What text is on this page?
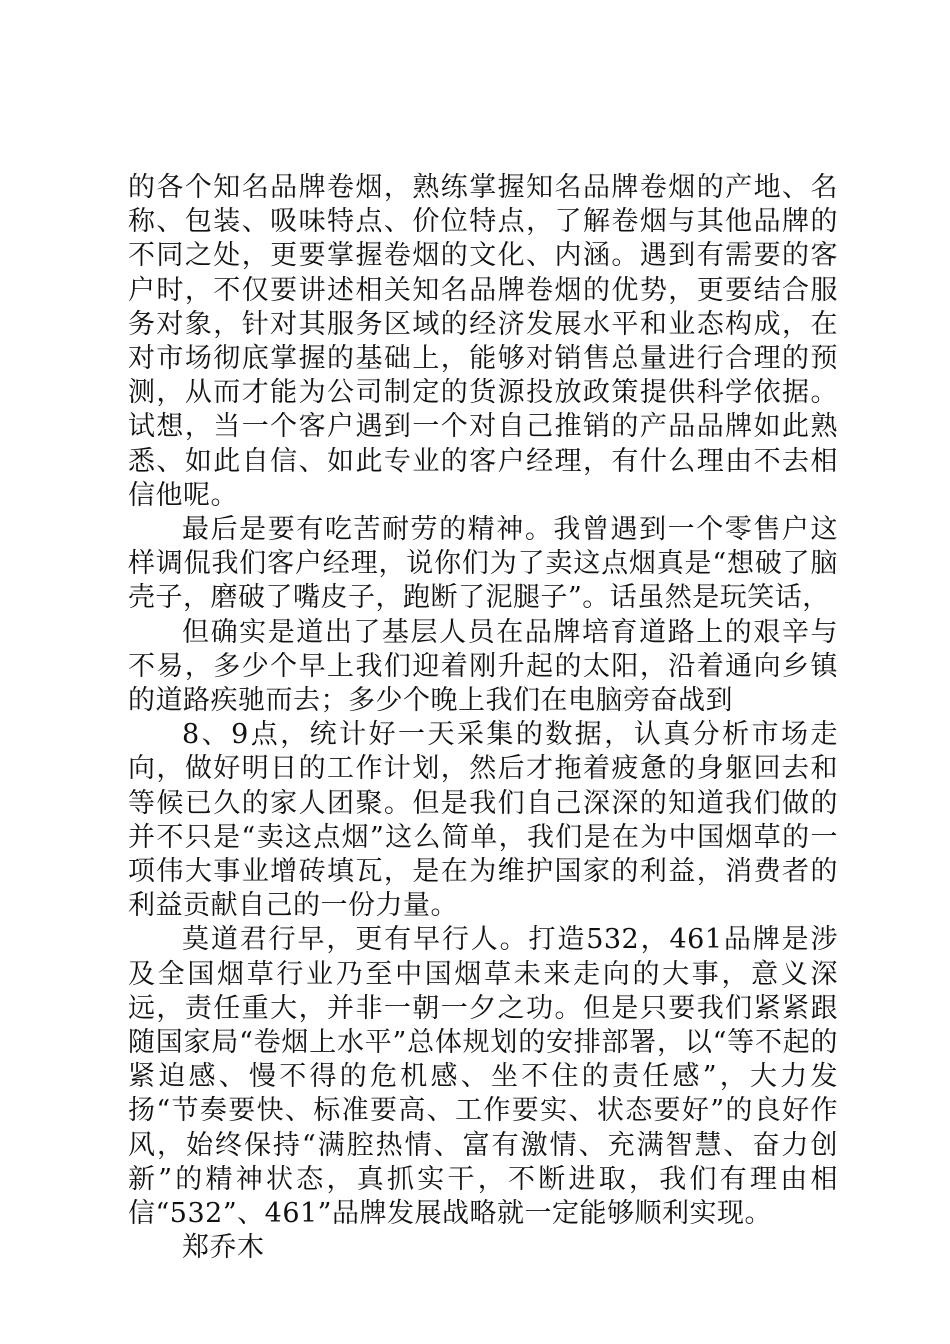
的各个知名品牌卷烟，熟练掌握知名品牌卷烟的产地、名称、包装、吸味特点、价位特点，了解卷烟与其他品牌的不同之处，更要掌握卷烟的文化、内涵。遇到有需要的客户时，不仅要讲述相关知名品牌卷烟的优势，更要结合服务对象，针对其服务区域的经济发展水平和业态构成，在对市场彻底掌握的基础上，能够对销售总量进行合理的预测，从而才能为公司制定的货源投放政策提供科学依据。试想，当一个客户遇到一个对自己推销的产品品牌如此熟悉、如此自信、如此专业的客户经理，有什么理由不去相信他呢。

最后是要有吃苦耐劳的精神。我曾遇到一个零售户这样调侃我们客户经理，说你们为了卖这点烟真是“想破了脑壳子，磨破了嘴皮子，跑断了泥腿子”。话虽然是玩笑话，

但确实是道出了基层人员在品牌培育道路上的艰辛与不易，多少个早上我们迎着刚升起的太阳，沿着通向乡镇的道路疾驰而去；多少个晚上我们在电脑旁奋战到

8、9点，统计好一天采集的数据，认真分析市场走向，做好明日的工作计划，然后才拖着疲惫的身躯回去和等候已久的家人团聚。但是我们自己深深的知道我们做的并不只是“卖这点烟”这么简单，我们是在为中国烟草的一项伟大事业增砖填瓦，是在为维护国家的利益，消费者的利益贡献自己的一份力量。

莫道君行早，更有早行人。打造532，461品牌是涉及全国烟草行业乃至中国烟草未来走向的大事，意义深远，责任重大，并非一朝一夕之功。但是只要我们紧紧跟随国家局“卷烟上水平”总体规划的安排部署，以“等不起的紧迫感、慢不得的危机感、坐不住的责任感”，大力发扬“节奏要快、标准要高、工作要实、状态要好”的良好作风，始终保持“满腔热情、富有激情、充满智慧、奋力创新”的精神状态，真抓实干，不断进取，我们有理由相信“532”、461”品牌发展战略就一定能够顺利实现。

郑乔木
